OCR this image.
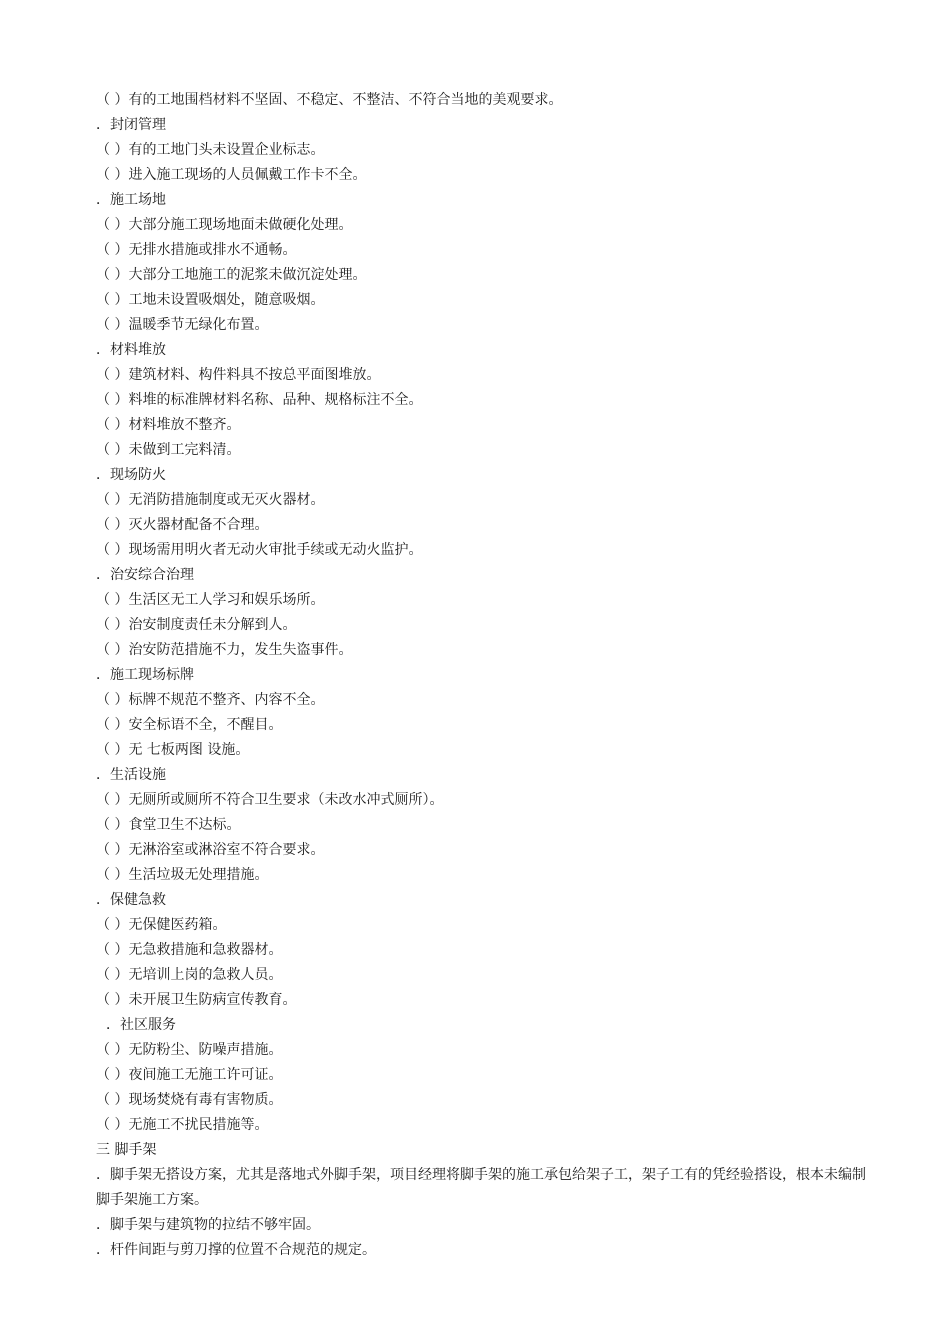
（ ）有的工地围档材料不坚固、不稳定、不整洁、不符合当地的美观要求。

．封闭管理

（ ）有的工地门头未设置企业标志。

（ ）进入施工现场的人员佩戴工作卡不全。

．施工场地

（ ）大部分施工现场地面未做硬化处理。

（ ）无排水措施或排水不通畅。

（ ）大部分工地施工的泥浆未做沉淀处理。

（ ）工地未设置吸烟处，随意吸烟。

（ ）温暖季节无绿化布置。

．材料堆放

（ ）建筑材料、构件料具不按总平面图堆放。

（ ）料堆的标准牌材料名称、品种、规格标注不全。

（ ）材料堆放不整齐。

（ ）未做到工完料清。

．现场防火

（ ）无消防措施制度或无灭火器材。

（ ）灭火器材配备不合理。

（ ）现场需用明火者无动火审批手续或无动火监护。

．治安综合治理

（ ）生活区无工人学习和娱乐场所。

（ ）治安制度责任未分解到人。

（ ）治安防范措施不力，发生失盗事件。

．施工现场标牌

（ ）标牌不规范不整齐、内容不全。

（ ）安全标语不全，不醒目。

（ ）无 七板两图 设施。

．生活设施

（ ）无厕所或厕所不符合卫生要求（未改水冲式厕所）。

（ ）食堂卫生不达标。

（ ）无淋浴室或淋浴室不符合要求。

（ ）生活垃圾无处理措施。

．保健急救

（ ）无保健医药箱。

（ ）无急救措施和急救器材。

（ ）无培训上岗的急救人员。

（ ）未开展卫生防病宣传教育。

．社区服务

（ ）无防粉尘、防噪声措施。

（ ）夜间施工无施工许可证。

（ ）现场焚烧有毒有害物质。

（ ）无施工不扰民措施等。

三 脚手架

．脚手架无搭设方案，尤其是落地式外脚手架，项目经理将脚手架的施工承包给架子工，架子工有的凭经验搭设，根本未编制脚手架施工方案。

．脚手架与建筑物的拉结不够牢固。

．杆件间距与剪刀撑的位置不合规范的规定。
